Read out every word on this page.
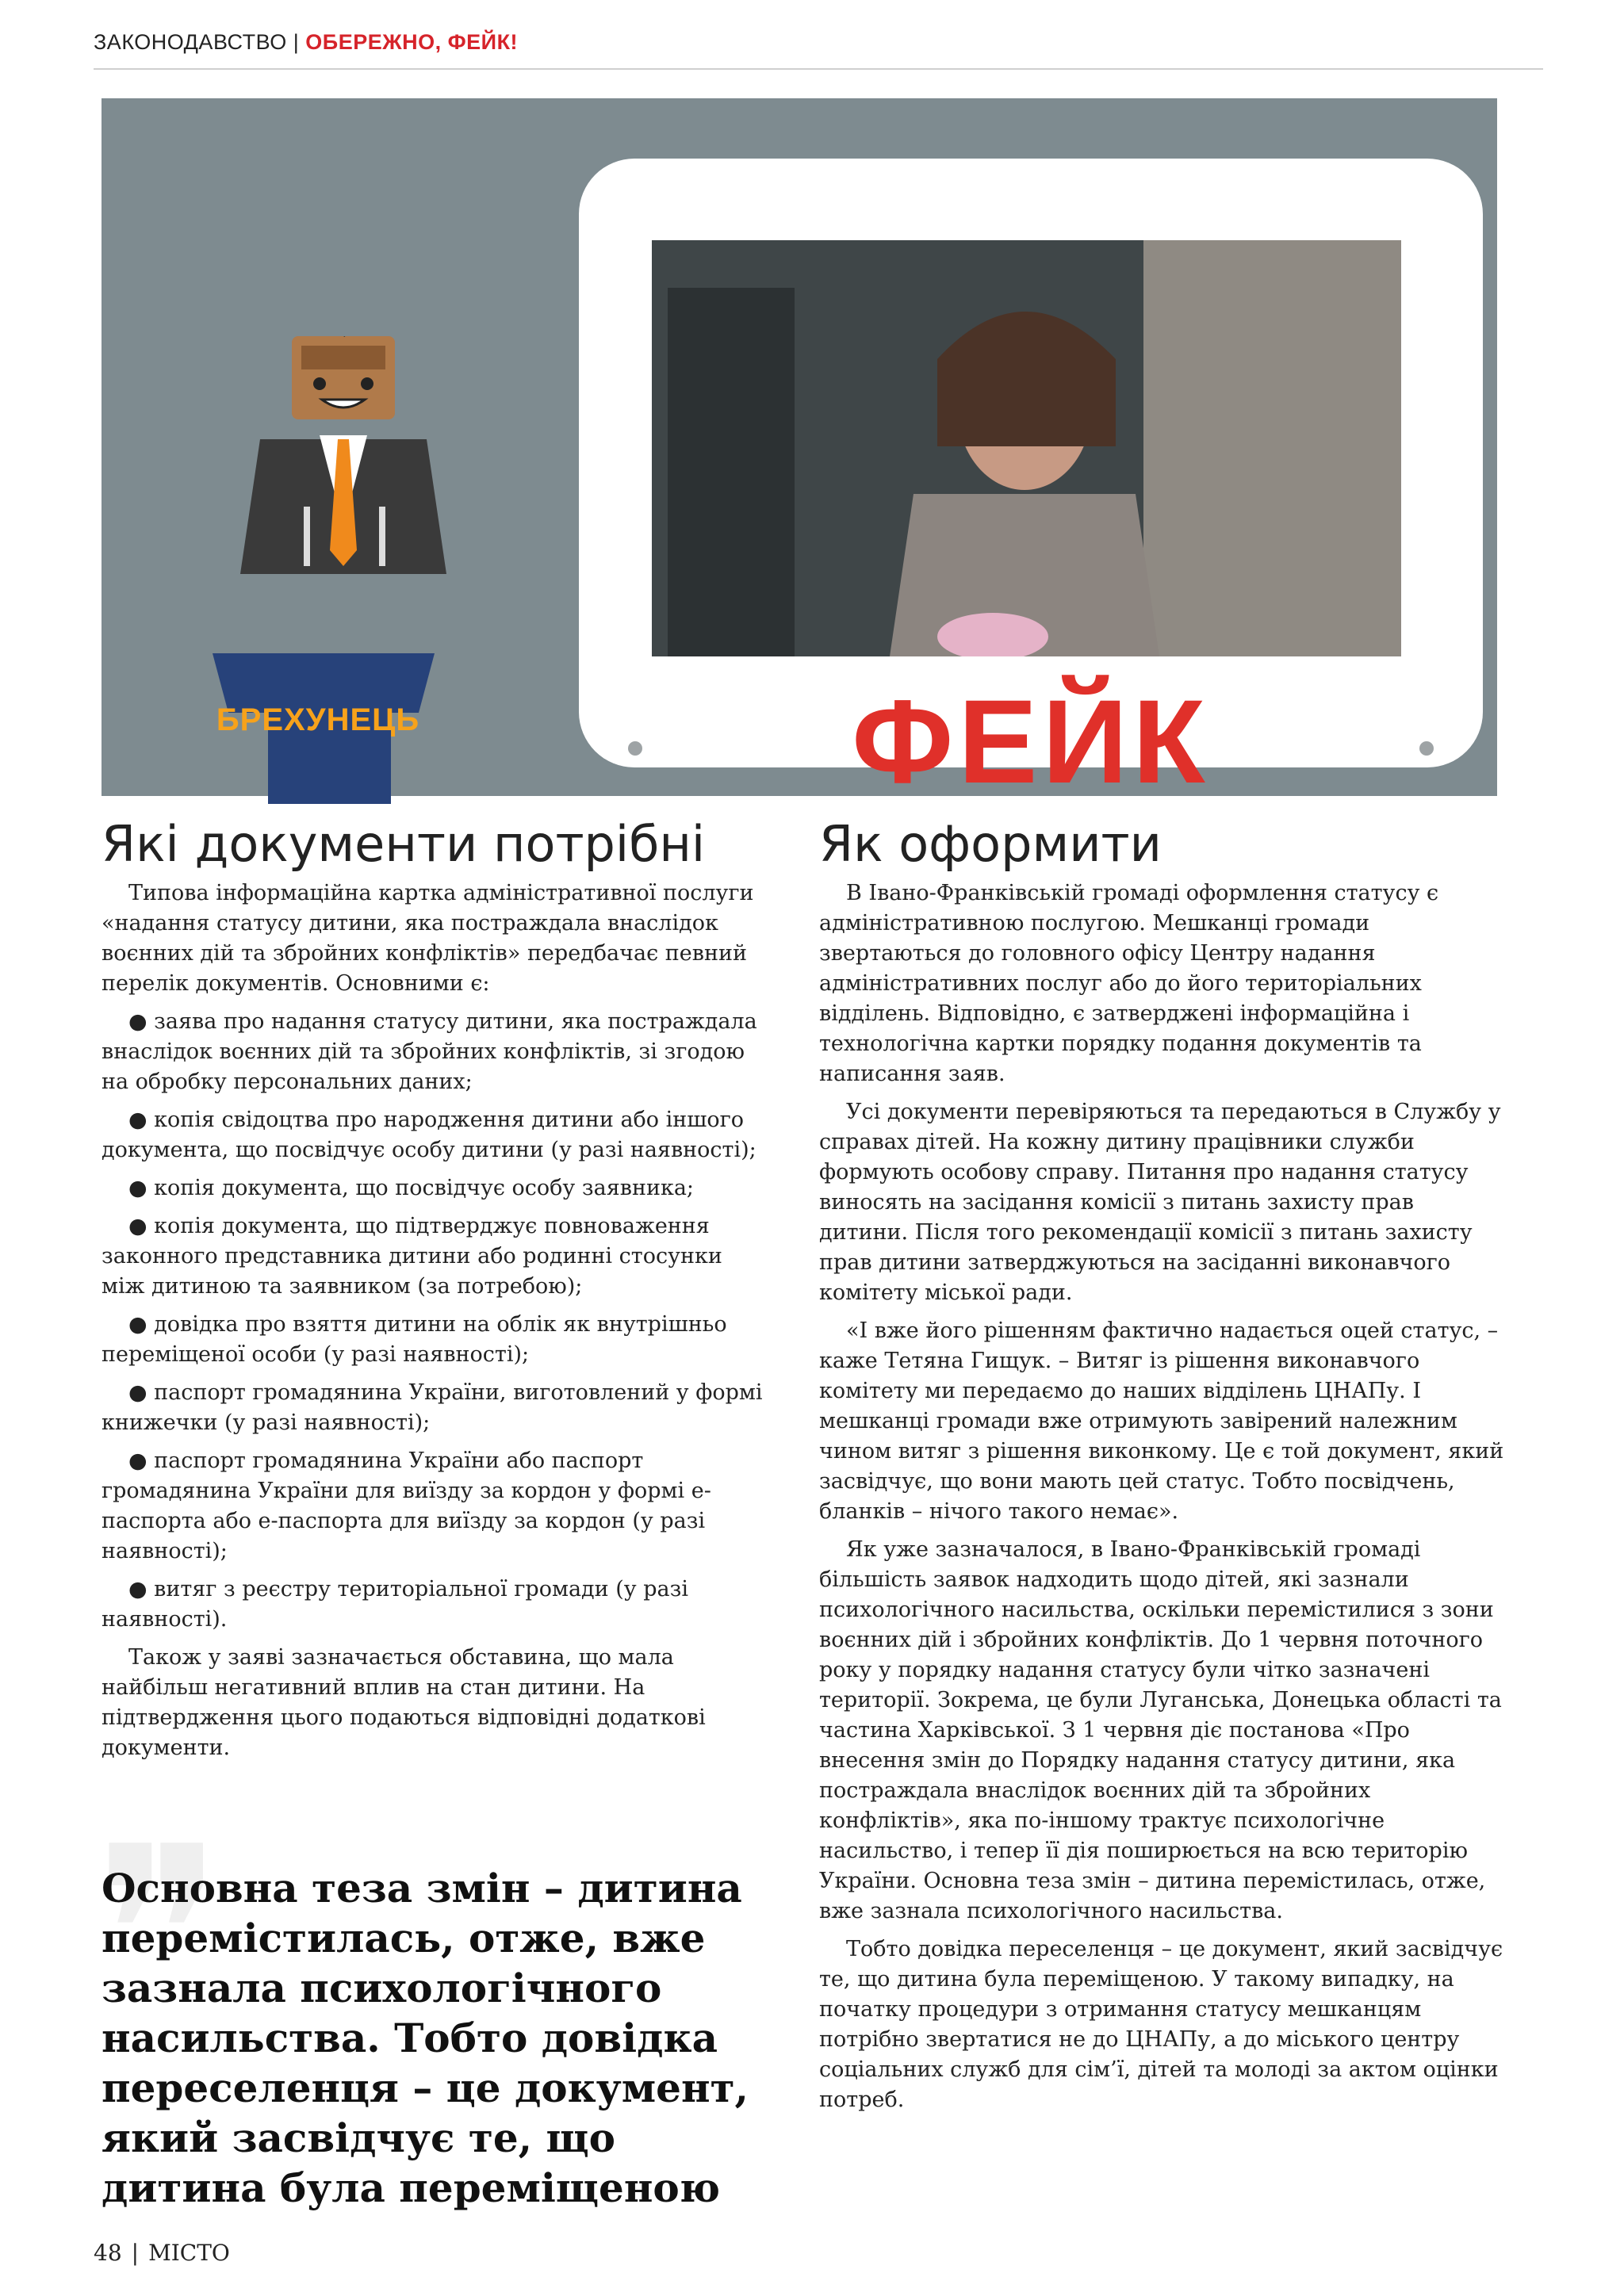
ЗАКОНОДАВСТВО | ОБЕРЕЖНО, ФЕЙК!
БРЕХУНЕЦЬ	ФЕЙК
Які документи потрібні

Типова інформаційна картка адміністративної послуги «надання статусу дитини, яка постраждала внаслідок воєнних дій та збройних конфліктів» передбачає певний перелік документів. Основними є:

● заява про надання статусу дитини, яка постраждала внаслідок воєнних дій та збройних конфліктів, зі згодою на обробку персональних даних;

● копія свідоцтва про народження дитини або іншого документа, що посвідчує особу дитини (у разі наявності);

● копія документа, що посвідчує особу заявника;

● копія документа, що підтверджує повноваження законного представника дитини або родинні стосунки між дитиною та заявником (за потребою);

● довідка про взяття дитини на облік як внутрішньо переміщеної особи (у разі наявності);

● паспорт громадянина України, виготовлений у формі книжечки (у разі наявності);

● паспорт громадянина України або паспорт громадянина України для виїзду за кордон у формі е-паспорта або е-паспорта для виїзду за кордон (у разі наявності);

● витяг з реєстру територіальної громади (у разі наявності).

Також у заяві зазначається обставина, що мала найбільш негативний вплив на стан дитини. На підтвердження цього подаються відповідні додаткові документи.

❞
Основна теза змін – дитина перемістилась, отже, вже зазнала психологічного насильства. Тобто довідка переселенця – це документ, який засвідчує те, що дитина була переміщеною
Як оформити

В Івано-Франківській громаді оформлення статусу є адміністративною послугою. Мешканці громади звертаються до головного офісу Центру надання адміністративних послуг або до його територіальних відділень. Відповідно, є затверджені інформаційна і технологічна картки порядку подання документів та написання заяв.

Усі документи перевіряються та передаються в Службу у справах дітей. На кожну дитину працівники служби формують особову справу. Питання про надання статусу виносять на засідання комісії з питань захисту прав дитини. Після того рекомендації комісії з питань захисту прав дитини затверджуються на засіданні виконавчого комітету міської ради.

«І вже його рішенням фактично надається оцей статус, – каже Тетяна Гищук. – Витяг із рішення виконавчого комітету ми передаємо до наших відділень ЦНАПу. І мешканці громади вже отримують завірений належним чином витяг з рішення виконкому. Це є той документ, який засвідчує, що вони мають цей статус. Тобто посвідчень, бланків – нічого такого немає».

Як уже зазначалося, в Івано-Франківській громаді більшість заявок надходить щодо дітей, які зазнали психологічного насильства, оскільки перемістилися з зони воєнних дій і збройних конфліктів. До 1 червня поточного року у порядку надання статусу були чітко зазначені території. Зокрема, це були Луганська, Донецька області та частина Харківської. З 1 червня діє постанова «Про внесення змін до Порядку надання статусу дитини, яка постраждала внаслідок воєнних дій та збройних конфліктів», яка по-іншому трактує психологічне насильство, і тепер її дія поширюється на всю територію України. Основна теза змін – дитина перемістилась, отже, вже зазнала психологічного насильства.

Тобто довідка переселенця – це документ, який засвідчує те, що дитина була переміщеною. У такому випадку, на початку процедури з отримання статусу мешканцям потрібно звертатися не до ЦНАПу, а до міського центру соціальних служб для сім’ї, дітей та молоді за актом оцінки потреб.

48 | МІСТО
